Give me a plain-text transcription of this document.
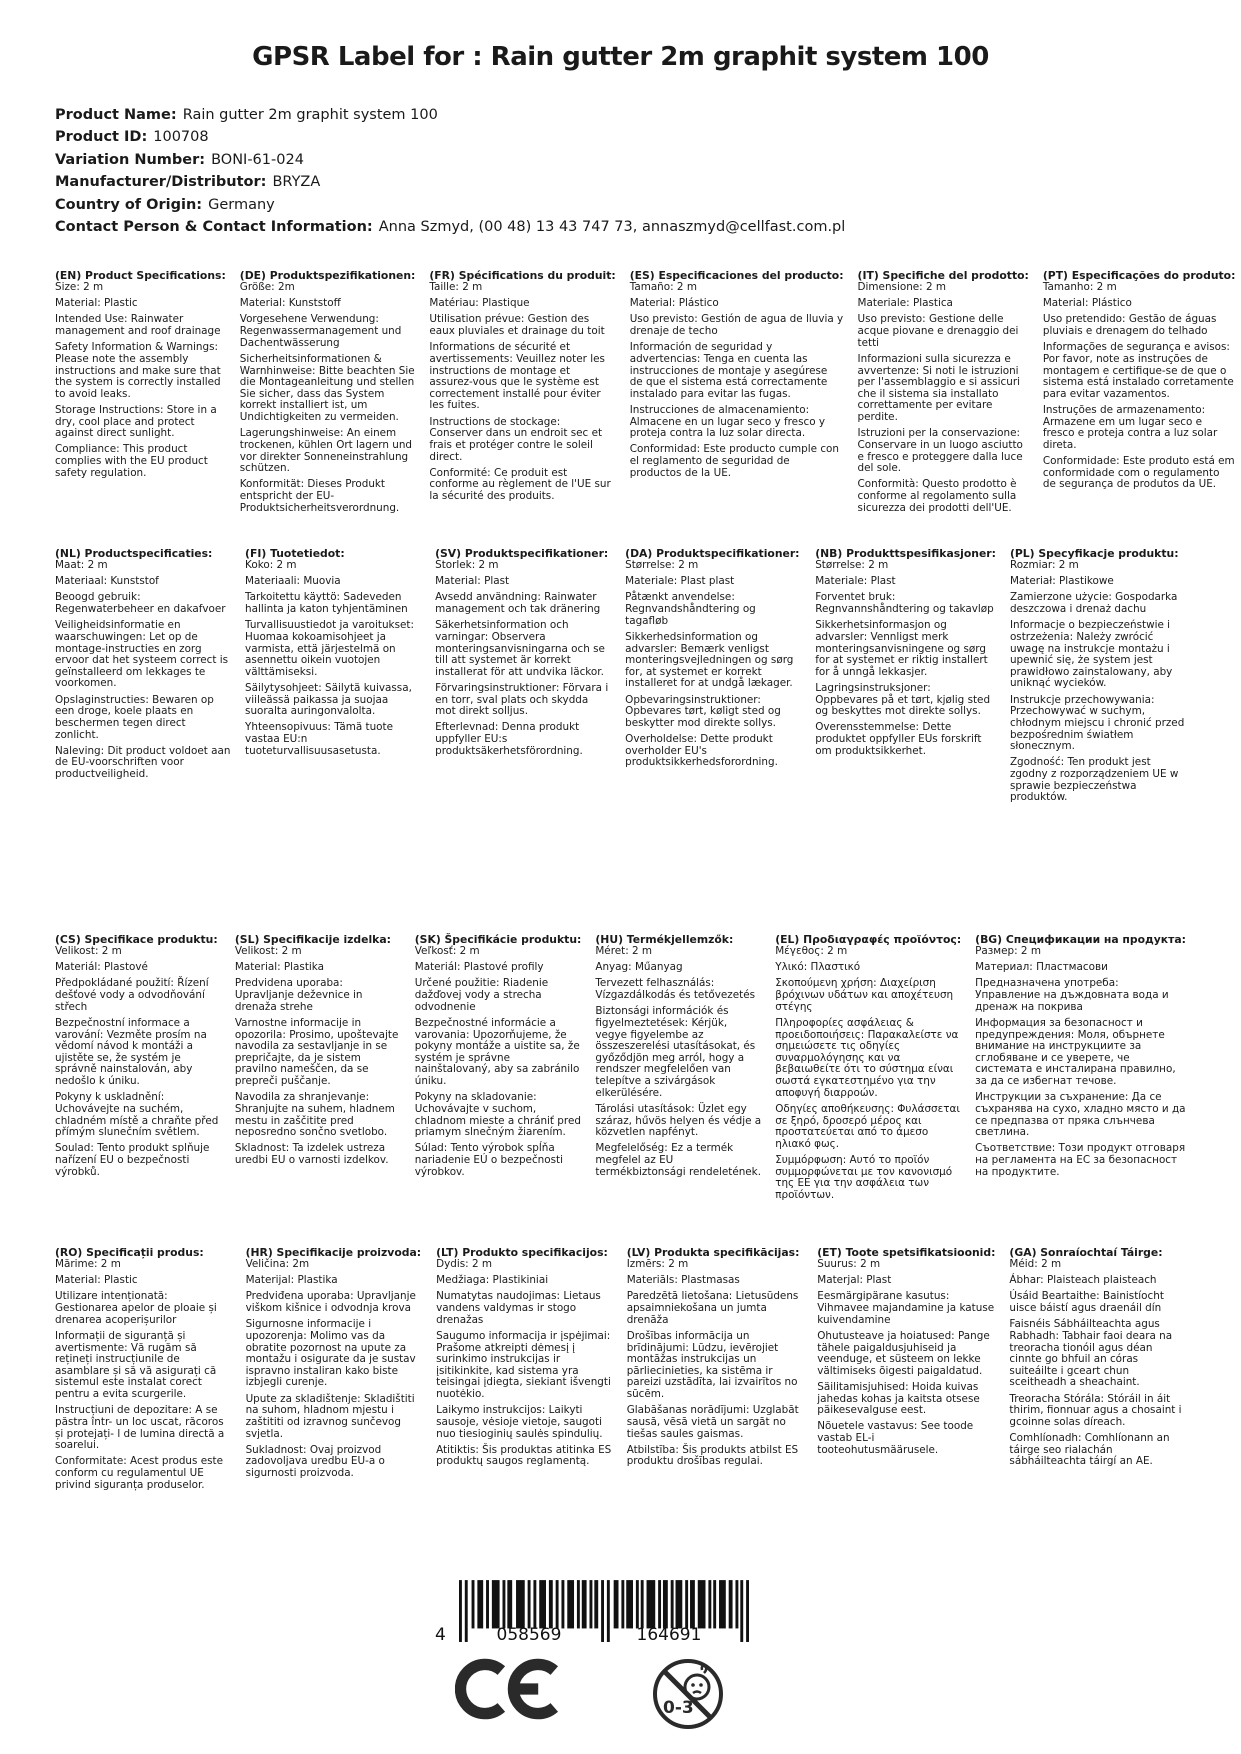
GPSR Label for : Rain gutter 2m graphit system 100
Product Name: Rain gutter 2m graphit system 100
Product ID: 100708
Variation Number: BONI-61-024
Manufacturer/Distributor: BRYZA
Country of Origin: Germany
Contact Person & Contact Information: Anna Szmyd, (00 48) 13 43 747 73, annaszmyd@cellfast.com.pl
(EN) Product Specifications:

Size: 2 m

Material: Plastic

Intended Use: Rainwater management and roof drainage

Safety Information & Warnings: Please note the assembly instructions and make sure that the system is correctly installed to avoid leaks.

Storage Instructions: Store in a dry, cool place and protect against direct sunlight.

Compliance: This product complies with the EU product safety regulation.

(DE) Produktspezifikationen:

Größe: 2m

Material: Kunststoff

Vorgesehene Verwendung: Regenwassermanagement und Dachentwässerung

Sicherheitsinformationen & Warnhinweise: Bitte beachten Sie die Montageanleitung und stellen Sie sicher, dass das System korrekt installiert ist, um Undichtigkeiten zu vermeiden.

Lagerungshinweise: An einem trockenen, kühlen Ort lagern und vor direkter Sonneneinstrahlung schützen.

Konformität: Dieses Produkt entspricht der EU-Produktsicherheitsverordnung.

(FR) Spécifications du produit:

Taille: 2 m

Matériau: Plastique

Utilisation prévue: Gestion des eaux pluviales et drainage du toit

Informations de sécurité et avertissements: Veuillez noter les instructions de montage et assurez-vous que le système est correctement installé pour éviter les fuites.

Instructions de stockage: Conserver dans un endroit sec et frais et protéger contre le soleil direct.

Conformité: Ce produit est conforme au règlement de l'UE sur la sécurité des produits.

(ES) Especificaciones del producto:

Tamaño: 2 m

Material: Plástico

Uso previsto: Gestión de agua de lluvia y drenaje de techo

Información de seguridad y advertencias: Tenga en cuenta las instrucciones de montaje y asegúrese de que el sistema está correctamente instalado para evitar las fugas.

Instrucciones de almacenamiento: Almacene en un lugar seco y fresco y proteja contra la luz solar directa.

Conformidad: Este producto cumple con el reglamento de seguridad de productos de la UE.

(IT) Specifiche del prodotto:

Dimensione: 2 m

Materiale: Plastica

Uso previsto: Gestione delle acque piovane e drenaggio dei tetti

Informazioni sulla sicurezza e avvertenze: Si noti le istruzioni per l'assemblaggio e si assicuri che il sistema sia installato correttamente per evitare perdite.

Istruzioni per la conservazione: Conservare in un luogo asciutto e fresco e proteggere dalla luce del sole.

Conformità: Questo prodotto è conforme al regolamento sulla sicurezza dei prodotti dell'UE.

(PT) Especificações do produto:

Tamanho: 2 m

Material: Plástico

Uso pretendido: Gestão de águas pluviais e drenagem do telhado

Informações de segurança e avisos: Por favor, note as instruções de montagem e certifique-se de que o sistema está instalado corretamente para evitar vazamentos.

Instruções de armazenamento: Armazene em um lugar seco e fresco e proteja contra a luz solar direta.

Conformidade: Este produto está em conformidade com o regulamento de segurança de produtos da UE.

(NL) Productspecificaties:

Maat: 2 m

Materiaal: Kunststof

Beoogd gebruik: Regenwaterbeheer en dakafvoer

Veiligheidsinformatie en waarschuwingen: Let op de montage-instructies en zorg ervoor dat het systeem correct is geïnstalleerd om lekkages te voorkomen.

Opslaginstructies: Bewaren op een droge, koele plaats en beschermen tegen direct zonlicht.

Naleving: Dit product voldoet aan de EU-voorschriften voor productveiligheid.

(FI) Tuotetiedot:

Koko: 2 m

Materiaali: Muovia

Tarkoitettu käyttö: Sadeveden hallinta ja katon tyhjentäminen

Turvallisuustiedot ja varoitukset: Huomaa kokoamisohjeet ja varmista, että järjestelmä on asennettu oikein vuotojen välttämiseksi.

Säilytysohjeet: Säilytä kuivassa, viileässä paikassa ja suojaa suoralta auringonvalolta.

Yhteensopivuus: Tämä tuote vastaa EU:n tuoteturvallisuusasetusta.

(SV) Produktspecifikationer:

Storlek: 2 m

Material: Plast

Avsedd användning: Rainwater management och tak dränering

Säkerhetsinformation och varningar: Observera monteringsanvisningarna och se till att systemet är korrekt installerat för att undvika läckor.

Förvaringsinstruktioner: Förvara i en torr, sval plats och skydda mot direkt solljus.

Efterlevnad: Denna produkt uppfyller EU:s produktsäkerhetsförordning.

(DA) Produktspecifikationer:

Størrelse: 2 m

Materiale: Plast plast

Påtænkt anvendelse: Regnvandshåndtering og tagafløb

Sikkerhedsinformation og advarsler: Bemærk venligst monteringsvejledningen og sørg for, at systemet er korrekt installeret for at undgå lækager.

Opbevaringsinstruktioner: Opbevares tørt, køligt sted og beskytter mod direkte sollys.

Overholdelse: Dette produkt overholder EU's produktsikkerhedsforordning.

(NB) Produkttspesifikasjoner:

Størrelse: 2 m

Materiale: Plast

Forventet bruk: Regnvannshåndtering og takavløp

Sikkerhetsinformasjon og advarsler: Vennligst merk monteringsanvisningene og sørg for at systemet er riktig installert for å unngå lekkasjer.

Lagringsinstruksjoner: Oppbevares på et tørt, kjølig sted og beskyttes mot direkte sollys.

Overensstemmelse: Dette produktet oppfyller EUs forskrift om produktsikkerhet.

(PL) Specyfikacje produktu:

Rozmiar: 2 m

Materiał: Plastikowe

Zamierzone użycie: Gospodarka deszczowa i drenaż dachu

Informacje o bezpieczeństwie i ostrzeżenia: Należy zwrócić uwagę na instrukcje montażu i upewnić się, że system jest prawidłowo zainstalowany, aby uniknąć wycieków.

Instrukcje przechowywania: Przechowywać w suchym, chłodnym miejscu i chronić przed bezpośrednim światłem słonecznym.

Zgodność: Ten produkt jest zgodny z rozporządzeniem UE w sprawie bezpieczeństwa produktów.

(CS) Specifikace produktu:

Velikost: 2 m

Materiál: Plastové

Předpokládané použití: Řízení dešťové vody a odvodňování střech

Bezpečnostní informace a varování: Vezměte prosím na vědomí návod k montáži a ujistěte se, že systém je správně nainstalován, aby nedošlo k úniku.

Pokyny k uskladnění: Uchovávejte na suchém, chladném místě a chraňte před přímým slunečním světlem.

Soulad: Tento produkt splňuje nařízení EU o bezpečnosti výrobků.

(SL) Specifikacije izdelka:

Velikost: 2 m

Material: Plastika

Predvidena uporaba: Upravljanje deževnice in drenaža strehe

Varnostne informacije in opozorila: Prosimo, upoštevajte navodila za sestavljanje in se prepričajte, da je sistem pravilno nameščen, da se prepreči puščanje.

Navodila za shranjevanje: Shranjujte na suhem, hladnem mestu in zaščitite pred neposredno sončno svetlobo.

Skladnost: Ta izdelek ustreza uredbi EU o varnosti izdelkov.

(SK) Špecifikácie produktu:

Veľkosť: 2 m

Materiál: Plastové profily

Určené použitie: Riadenie dažďovej vody a strecha odvodnenie

Bezpečnostné informácie a varovania: Upozorňujeme, že pokyny montáže a uistite sa, že systém je správne nainštalovaný, aby sa zabránilo úniku.

Pokyny na skladovanie: Uchovávajte v suchom, chladnom mieste a chrániť pred priamym slnečným žiarením.

Súlad: Tento výrobok spĺňa nariadenie EÚ o bezpečnosti výrobkov.

(HU) Termékjellemzők:

Méret: 2 m

Anyag: Műanyag

Tervezett felhasználás: Vízgazdálkodás és tetővezetés

Biztonsági információk és figyelmeztetések: Kérjük, vegye figyelembe az összeszerelési utasításokat, és győződjön meg arról, hogy a rendszer megfelelően van telepítve a szivárgások elkerülésére.

Tárolási utasítások: Üzlet egy száraz, hűvös helyen és védje a közvetlen napfényt.

Megfelelőség: Ez a termék megfelel az EU termékbiztonsági rendeletének.

(EL) Προδιαγραφές προϊόντος:

Μέγεθος: 2 m

Υλικό: Πλαστικό

Σκοπούμενη χρήση: Διαχείριση βρόχινων υδάτων και αποχέτευση στέγης

Πληροφορίες ασφάλειας & προειδοποιήσεις: Παρακαλείστε να σημειώσετε τις οδηγίες συναρμολόγησης και να βεβαιωθείτε ότι το σύστημα είναι σωστά εγκατεστημένο για την αποφυγή διαρροών.

Οδηγίες αποθήκευσης: Φυλάσσεται σε ξηρό, δροσερό μέρος και προστατεύεται από το άμεσο ηλιακό φως.

Συμμόρφωση: Αυτό το προϊόν συμμορφώνεται με τον κανονισμό της ΕΕ για την ασφάλεια των προϊόντων.

(BG) Спецификации на продукта:

Размер: 2 m

Материал: Пластмасови

Предназначена употреба: Управление на дъждовната вода и дренаж на покрива

Информация за безопасност и предупреждения: Моля, обърнете внимание на инструкциите за сглобяване и се уверете, че системата е инсталирана правилно, за да се избегнат течове.

Инструкции за съхранение: Да се съхранява на сухо, хладно място и да се предпазва от пряка слънчева светлина.

Съответствие: Този продукт отговаря на регламента на ЕС за безопасност на продуктите.

(RO) Specificații produs:

Mărime: 2 m

Material: Plastic

Utilizare intenționată: Gestionarea apelor de ploaie și drenarea acoperișurilor

Informații de siguranță și avertismente: Vă rugăm să rețineți instrucțiunile de asamblare și să vă asigurați că sistemul este instalat corect pentru a evita scurgerile.

Instrucțiuni de depozitare: A se păstra într- un loc uscat, răcoros și protejați- l de lumina directă a soarelui.

Conformitate: Acest produs este conform cu regulamentul UE privind siguranța produselor.

(HR) Specifikacije proizvoda:

Veličina: 2m

Materijal: Plastika

Predviđena uporaba: Upravljanje viškom kišnice i odvodnja krova

Sigurnosne informacije i upozorenja: Molimo vas da obratite pozornost na upute za montažu i osigurate da je sustav ispravno instaliran kako biste izbjegli curenje.

Upute za skladištenje: Skladištiti na suhom, hladnom mjestu i zaštititi od izravnog sunčevog svjetla.

Sukladnost: Ovaj proizvod zadovoljava uredbu EU-a o sigurnosti proizvoda.

(LT) Produkto specifikacijos:

Dydis: 2 m

Medžiaga: Plastikiniai

Numatytas naudojimas: Lietaus vandens valdymas ir stogo drenažas

Saugumo informacija ir įspėjimai: Prašome atkreipti dėmesį į surinkimo instrukcijas ir įsitikinkite, kad sistema yra teisingai įdiegta, siekiant išvengti nuotėkio.

Laikymo instrukcijos: Laikyti sausoje, vėsioje vietoje, saugoti nuo tiesioginių saulės spindulių.

Atitiktis: Šis produktas atitinka ES produktų saugos reglamentą.

(LV) Produkta specifikācijas:

Izmērs: 2 m

Materiāls: Plastmasas

Paredzētā lietošana: Lietusūdens apsaimniekošana un jumta drenāža

Drošības informācija un brīdinājumi: Lūdzu, ievērojiet montāžas instrukcijas un pārliecinieties, ka sistēma ir pareizi uzstādīta, lai izvairītos no sūcēm.

Glabāšanas norādījumi: Uzglabāt sausā, vēsā vietā un sargāt no tiešas saules gaismas.

Atbilstība: Šis produkts atbilst ES produktu drošības regulai.

(ET) Toote spetsifikatsioonid:

Suurus: 2 m

Materjal: Plast

Eesmärgipärane kasutus: Vihmavee majandamine ja katuse kuivendamine

Ohutusteave ja hoiatused: Pange tähele paigaldusjuhiseid ja veenduge, et süsteem on lekke vältimiseks õigesti paigaldatud.

Säilitamisjuhised: Hoida kuivas jahedas kohas ja kaitsta otsese päikesevalguse eest.

Nõuetele vastavus: See toode vastab EL-i tooteohutusmäärusele.

(GA) Sonraíochtaí Táirge:

Méid: 2 m

Ábhar: Plaisteach plaisteach

Úsáid Beartaithe: Bainistíocht uisce báistí agus draenáil dín

Faisnéis Sábháilteachta agus Rabhadh: Tabhair faoi deara na treoracha tionóil agus déan cinnte go bhfuil an córas suiteáilte i gceart chun sceitheadh a sheachaint.

Treoracha Stórála: Stóráil in áit thirim, fionnuar agus a chosaint i gcoinne solas díreach.

Comhlíonadh: Comhlíonann an táirge seo rialachán sábháilteachta táirgí an AE.

4	058569	164691
0-3
